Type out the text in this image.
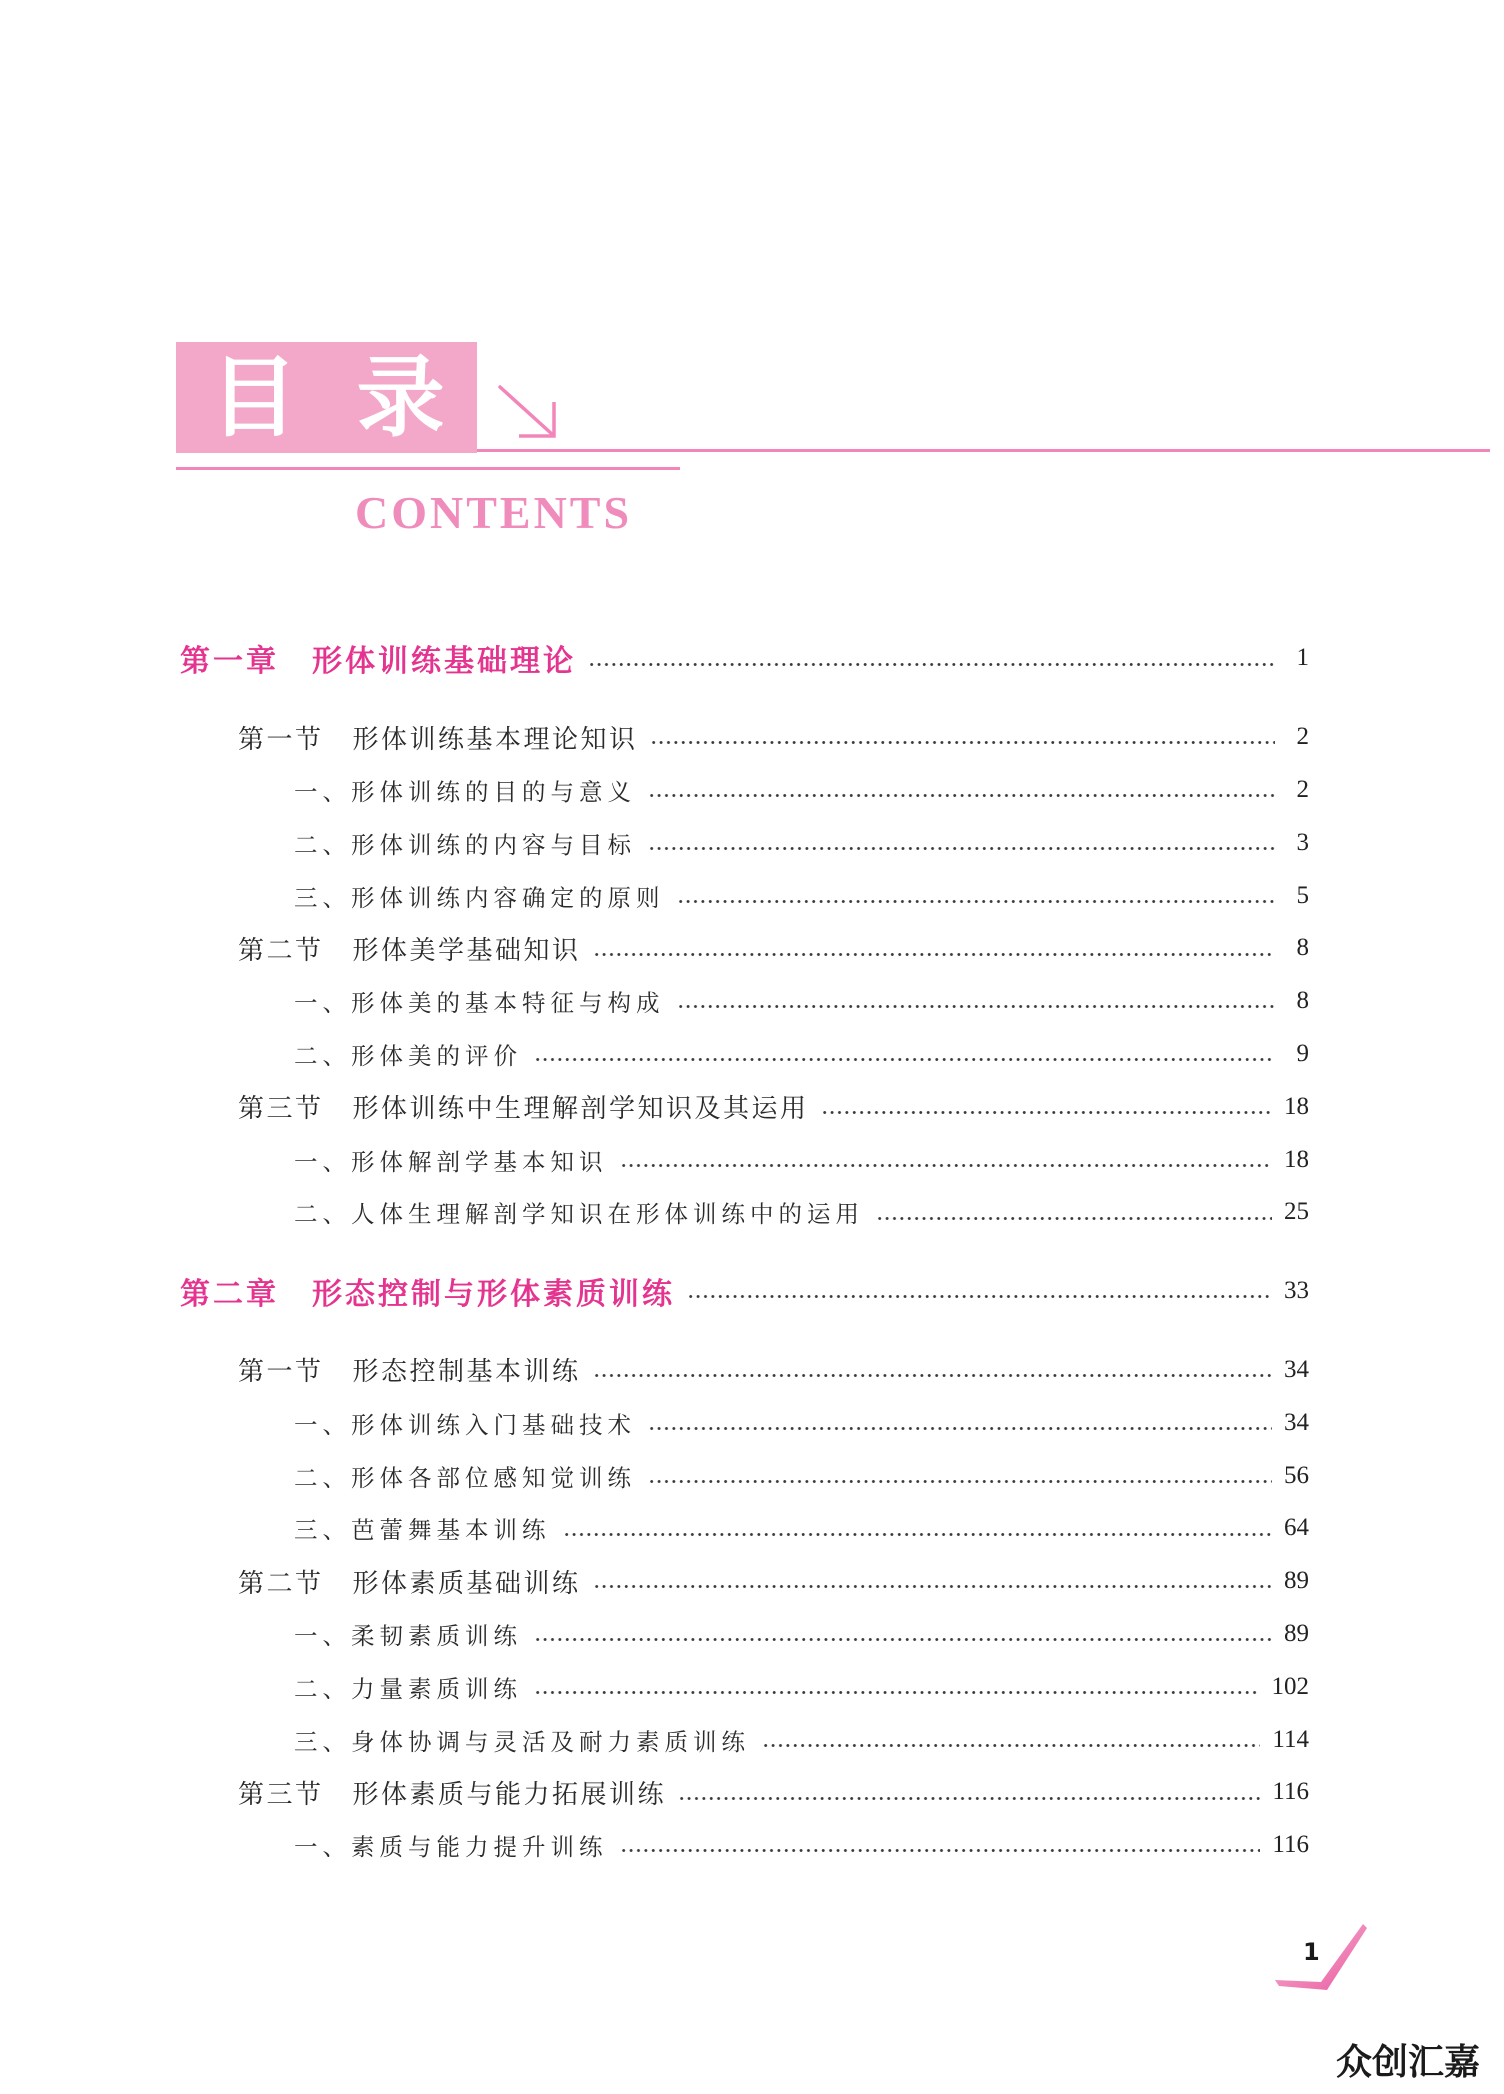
目 录
CONTENTS
第一章 形体训练基础理论	1
第一节 形体训练基本理论知识	2
一、形体训练的目的与意义	2
二、形体训练的内容与目标	3
三、形体训练内容确定的原则	5
第二节 形体美学基础知识	8
一、形体美的基本特征与构成	8
二、形体美的评价	9
第三节 形体训练中生理解剖学知识及其运用	18
一、形体解剖学基本知识	18
二、人体生理解剖学知识在形体训练中的运用	25
第二章 形态控制与形体素质训练	33
第一节 形态控制基本训练	34
一、形体训练入门基础技术	34
二、形体各部位感知觉训练	56
三、芭蕾舞基本训练	64
第二节 形体素质基础训练	89
一、柔韧素质训练	89
二、力量素质训练	102
三、身体协调与灵活及耐力素质训练	114
第三节 形体素质与能力拓展训练	116
一、素质与能力提升训练	116
1
众创汇嘉
